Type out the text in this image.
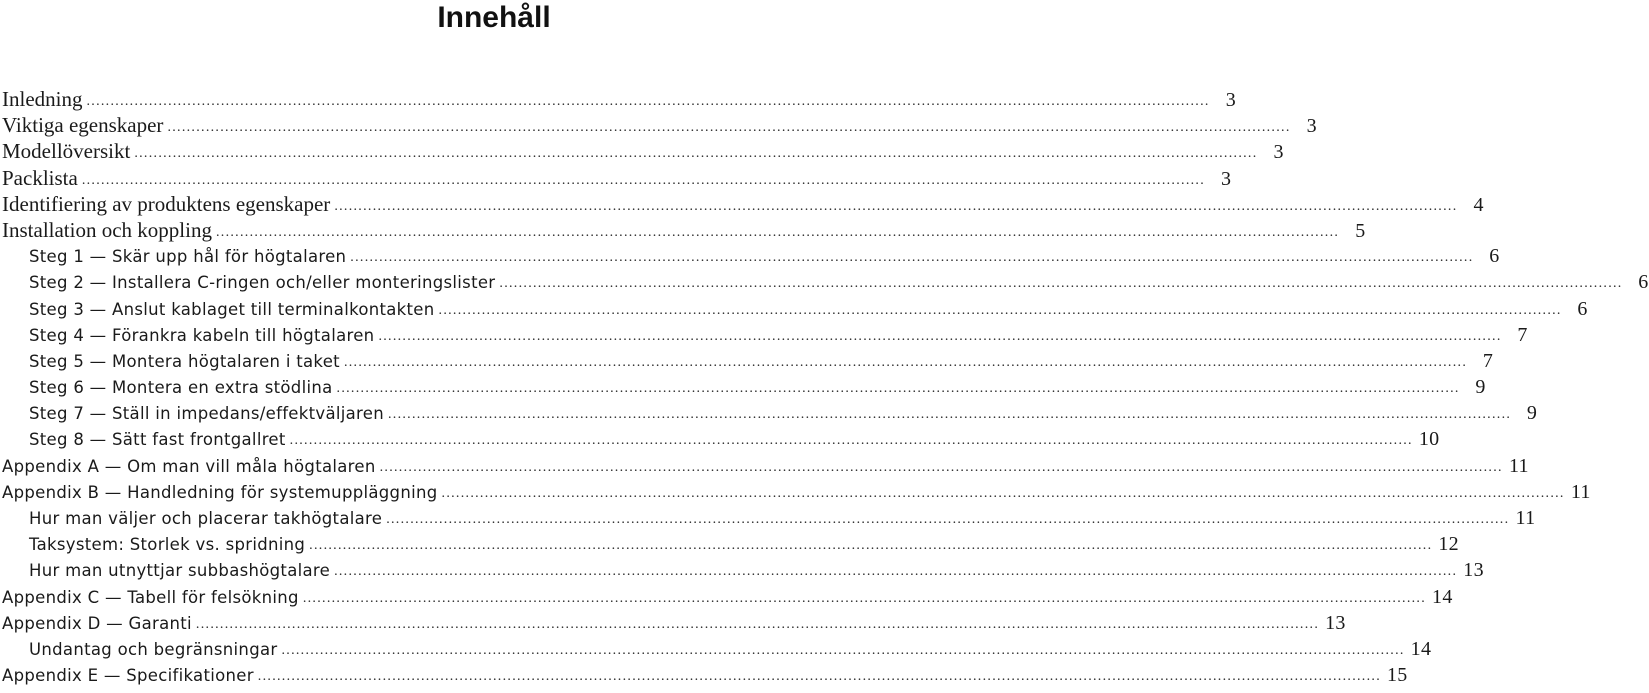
Innehåll
Inledning .....	3
Viktiga egenskaper .....	3
Modellöversikt .....	3
Packlista .....	3
Identifiering av produktens egenskaper .....	4
Installation och koppling .....	5
Steg 1 — Skär upp hål för högtalaren .....	6
Steg 2 — Installera C-ringen och/eller monteringslister .....	6
Steg 3 — Anslut kablaget till terminalkontakten .....	6
Steg 4 — Förankra kabeln till högtalaren .....	7
Steg 5 — Montera högtalaren i taket .....	7
Steg 6 — Montera en extra stödlina .....	9
Steg 7 — Ställ in impedans/effektväljaren .....	9
Steg 8 — Sätt fast frontgallret .....	10
Appendix A — Om man vill måla högtalaren .....	11
Appendix B — Handledning för systemuppläggning .....	11
Hur man väljer och placerar takhögtalare .....	11
Taksystem: Storlek vs. spridning .....	12
Hur man utnyttjar subbashögtalare .....	13
Appendix C — Tabell för felsökning .....	14
Appendix D — Garanti .....	13
Undantag och begränsningar .....	14
Appendix E — Specifikationer .....	15
